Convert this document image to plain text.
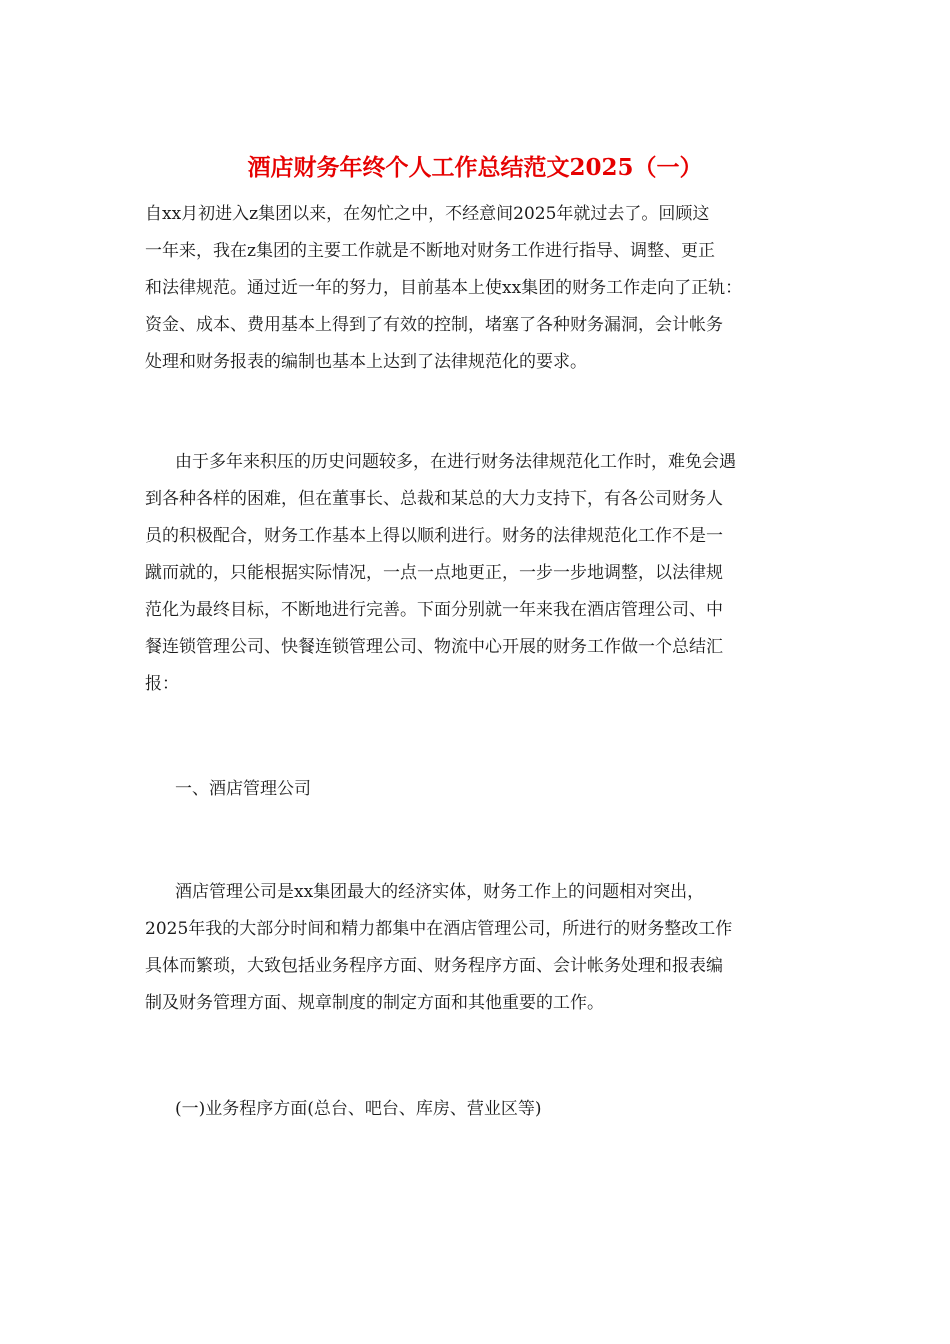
酒店财务年终个人工作总结范文2025（一）
自xx月初进入z集团以来，在匆忙之中，不经意间2025年就过去了。回顾这
一年来，我在z集团的主要工作就是不断地对财务工作进行指导、调整、更正
和法律规范。通过近一年的努力，目前基本上使xx集团的财务工作走向了正轨：
资金、成本、费用基本上得到了有效的控制，堵塞了各种财务漏洞，会计帐务
处理和财务报表的编制也基本上达到了法律规范化的要求。
由于多年来积压的历史问题较多，在进行财务法律规范化工作时，难免会遇
到各种各样的困难，但在董事长、总裁和某总的大力支持下，有各公司财务人
员的积极配合，财务工作基本上得以顺利进行。财务的法律规范化工作不是一
蹴而就的，只能根据实际情况，一点一点地更正，一步一步地调整，以法律规
范化为最终目标，不断地进行完善。下面分别就一年来我在酒店管理公司、中
餐连锁管理公司、快餐连锁管理公司、物流中心开展的财务工作做一个总结汇
报：
一、酒店管理公司
酒店管理公司是xx集团最大的经济实体，财务工作上的问题相对突出，
2025年我的大部分时间和精力都集中在酒店管理公司，所进行的财务整改工作
具体而繁琐，大致包括业务程序方面、财务程序方面、会计帐务处理和报表编
制及财务管理方面、规章制度的制定方面和其他重要的工作。
(一)业务程序方面(总台、吧台、库房、营业区等)
